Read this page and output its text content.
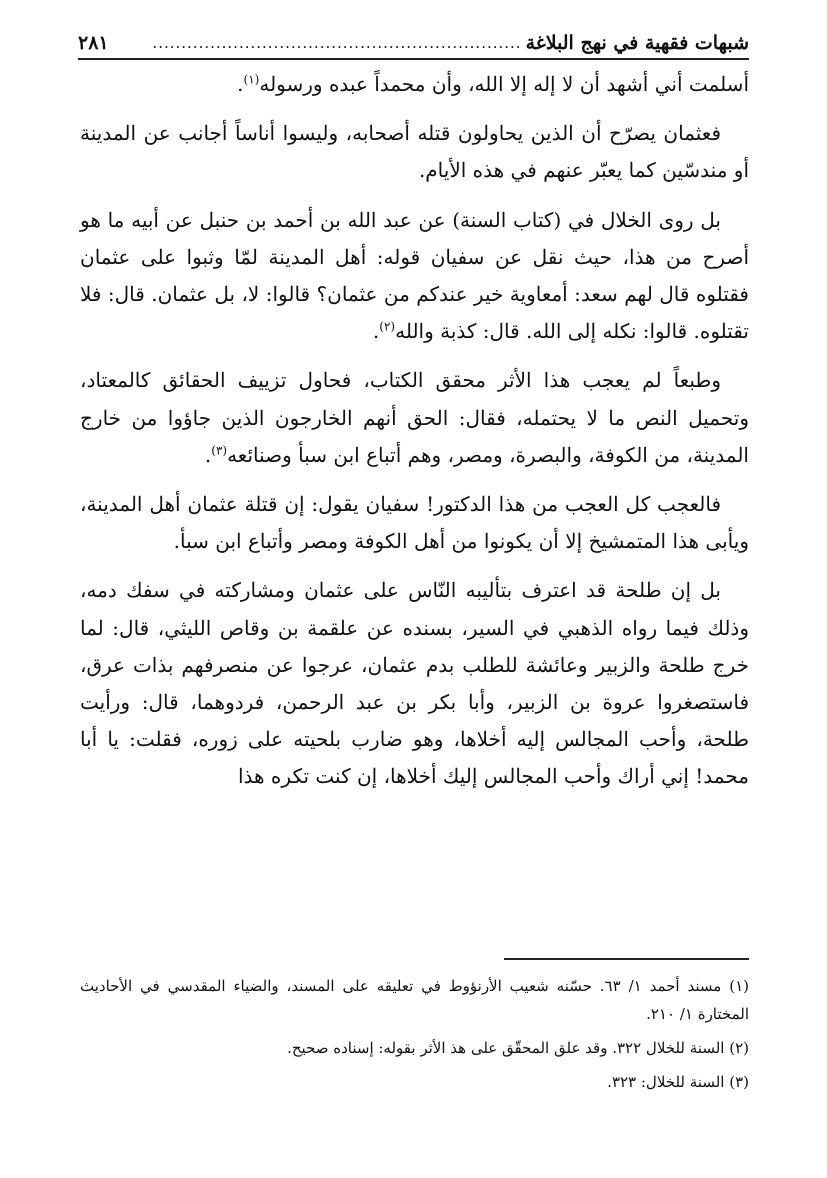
شبهات فقهية في نهج البلاغة
................................................................
٢٨١

أسلمت أني أشهد أن لا إله إلا الله، وأن محمداً عبده ورسوله$^{(١)}$.

فعثمان يصرّح أن الذين يحاولون قتله أصحابه، وليسوا أناساً أجانب عن المدينة أو مندسّين كما يعبّر عنهم في هذه الأيام.

بل روى الخلال في (كتاب السنة) عن عبد الله بن أحمد بن حنبل عن أبيه ما هو أصرح من هذا، حيث نقل عن سفيان قوله: أهل المدينة لمّا وثبوا على عثمان فقتلوه قال لهم سعد: أمعاوية خير عندكم من عثمان؟ قالوا: لا، بل عثمان. قال: فلا تقتلوه. قالوا: نكله إلى الله. قال: كذبة والله$^{(٢)}$.

وطبعاً لم يعجب هذا الأثر محقق الكتاب، فحاول تزييف الحقائق كالمعتاد، وتحميل النص ما لا يحتمله، فقال: الحق أنهم الخارجون الذين جاؤوا من خارج المدينة، من الكوفة، والبصرة، ومصر، وهم أتباع ابن سبأ وصنائعه$^{(٣)}$.

فالعجب كل العجب من هذا الدكتور! سفيان يقول: إن قتلة عثمان أهل المدينة، ويأبى هذا المتمشيخ إلا أن يكونوا من أهل الكوفة ومصر وأتباع ابن سبأ.

بل إن طلحة قد اعترف بتأليبه النّاس على عثمان ومشاركته في سفك دمه، وذلك فيما رواه الذهبي في السير، بسنده عن علقمة بن وقاص الليثي، قال: لما خرج طلحة والزبير وعائشة للطلب بدم عثمان، عرجوا عن منصرفهم بذات عرق، فاستصغروا عروة بن الزبير، وأبا بكر بن عبد الرحمن، فردوهما، قال: ورأيت طلحة، وأحب المجالس إليه أخلاها، وهو ضارب بلحيته على زوره، فقلت: يا أبا محمد! إني أراك وأحب المجالس إليك أخلاها، إن كنت تكره هذا

(١) مسند أحمد ١/ ٦٣. حسّنه شعيب الأرنؤوط في تعليقه على المسند، والضياء المقدسي في الأحاديث المختارة ١/ ٢١٠.

(٢) السنة للخلال ٣٢٢. وقد علق المحقّق على هذ الأثر بقوله: إسناده صحيح.

(٣) السنة للخلال: ٣٢٣.
